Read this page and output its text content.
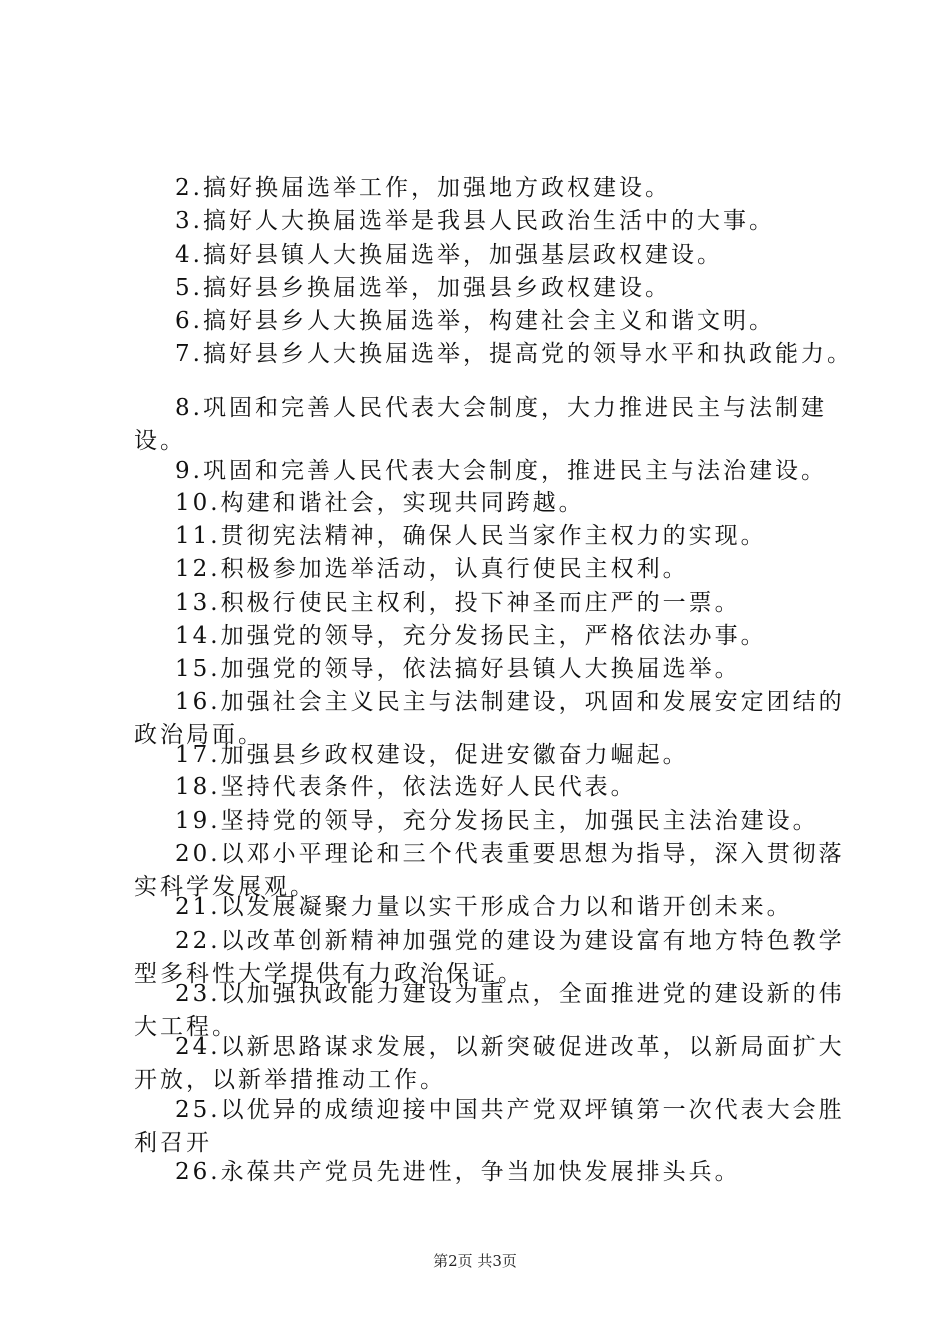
2.搞好换届选举工作，加强地方政权建设。
3.搞好人大换届选举是我县人民政治生活中的大事。
4.搞好县镇人大换届选举，加强基层政权建设。
5.搞好县乡换届选举，加强县乡政权建设。
6.搞好县乡人大换届选举，构建社会主义和谐文明。
7.搞好县乡人大换届选举，提高党的领导水平和执政能力。
8.巩固和完善人民代表大会制度，大力推进民主与法制建
设。
9.巩固和完善人民代表大会制度，推进民主与法治建设。
10.构建和谐社会，实现共同跨越。
11.贯彻宪法精神，确保人民当家作主权力的实现。
12.积极参加选举活动，认真行使民主权利。
13.积极行使民主权利，投下神圣而庄严的一票。
14.加强党的领导，充分发扬民主，严格依法办事。
15.加强党的领导，依法搞好县镇人大换届选举。
16.加强社会主义民主与法制建设，巩固和发展安定团结的
政治局面。
17.加强县乡政权建设，促进安徽奋力崛起。
18.坚持代表条件，依法选好人民代表。
19.坚持党的领导，充分发扬民主，加强民主法治建设。
20.以邓小平理论和三个代表重要思想为指导，深入贯彻落
实科学发展观。
21.以发展凝聚力量以实干形成合力以和谐开创未来。
22.以改革创新精神加强党的建设为建设富有地方特色教学
型多科性大学提供有力政治保证。
23.以加强执政能力建设为重点，全面推进党的建设新的伟
大工程。
24.以新思路谋求发展，以新突破促进改革，以新局面扩大
开放，以新举措推动工作。
25.以优异的成绩迎接中国共产党双坪镇第一次代表大会胜
利召开
26.永葆共产党员先进性，争当加快发展排头兵。
第2页 共3页
